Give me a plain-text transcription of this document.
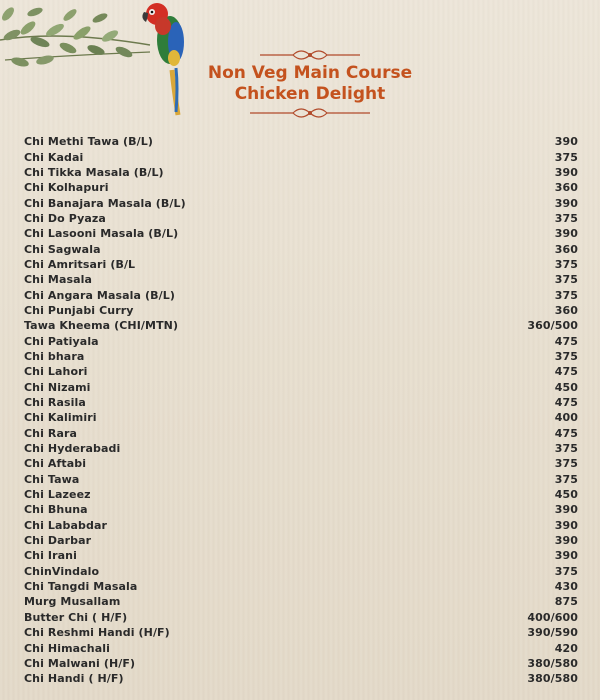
Non Veg Main Course
Chicken Delight
Chi Methi Tawa (B/L)	390
Chi Kadai	375
Chi Tikka Masala (B/L)	390
Chi Kolhapuri	360
Chi Banajara Masala (B/L)	390
Chi Do Pyaza	375
Chi Lasooni Masala (B/L)	390
Chi Sagwala	360
Chi Amritsari (B/L	375
Chi Masala	375
Chi Angara Masala (B/L)	375
Chi Punjabi Curry	360
Tawa Kheema (CHI/MTN)	360/500
Chi Patiyala	475
Chi bhara	375
Chi Lahori	475
Chi Nizami	450
Chi Rasila	475
Chi Kalimiri	400
Chi Rara	475
Chi Hyderabadi	375
Chi Aftabi	375
Chi Tawa	375
Chi Lazeez	450
Chi Bhuna	390
Chi Lababdar	390
Chi Darbar	390
Chi Irani	390
ChinVindalo	375
Chi Tangdi Masala	430
Murg Musallam	875
Butter Chi ( H/F)	400/600
Chi Reshmi Handi (H/F)	390/590
Chi Himachali	420
Chi Malwani (H/F)	380/580
Chi Handi ( H/F)	380/580
